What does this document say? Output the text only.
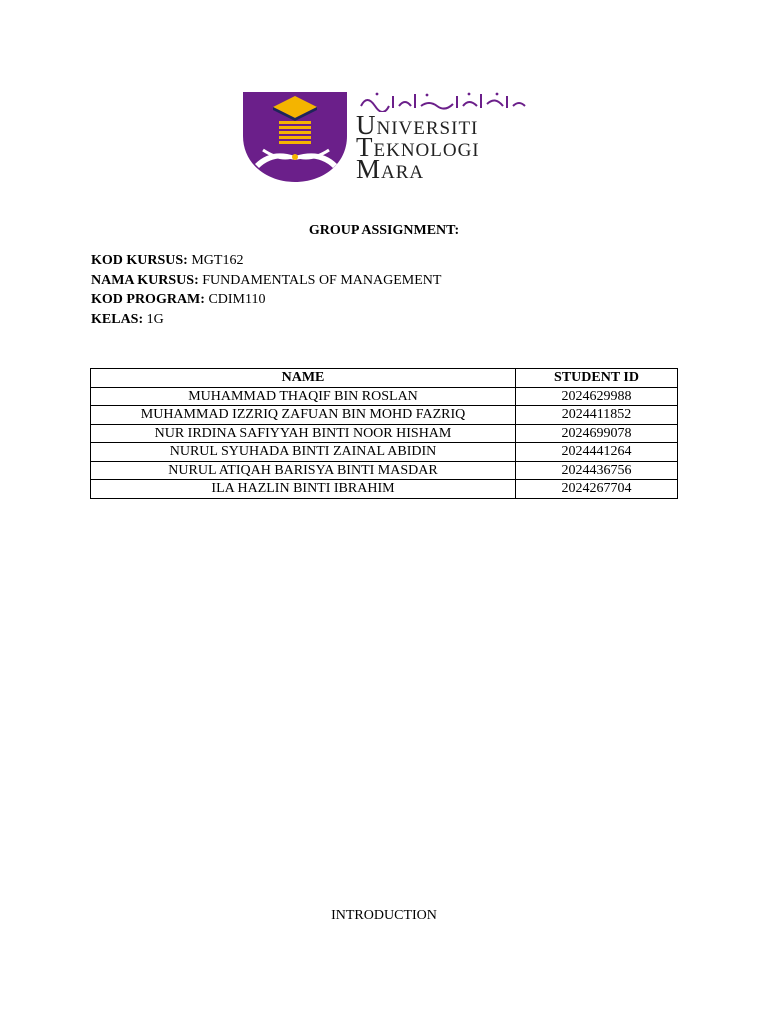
Universiti
Teknologi
Mara
GROUP ASSIGNMENT:
KOD KURSUS: MGT162
NAMA KURSUS: FUNDAMENTALS OF MANAGEMENT
KOD PROGRAM: CDIM110
KELAS: 1G
NAME	STUDENT ID
MUHAMMAD THAQIF BIN ROSLAN	2024629988
MUHAMMAD IZZRIQ ZAFUAN BIN MOHD FAZRIQ	2024411852
NUR IRDINA SAFIYYAH BINTI NOOR HISHAM	2024699078
NURUL SYUHADA BINTI ZAINAL ABIDIN	2024441264
NURUL ATIQAH BARISYA BINTI MASDAR	2024436756
ILA HAZLIN BINTI IBRAHIM	2024267704
INTRODUCTION
